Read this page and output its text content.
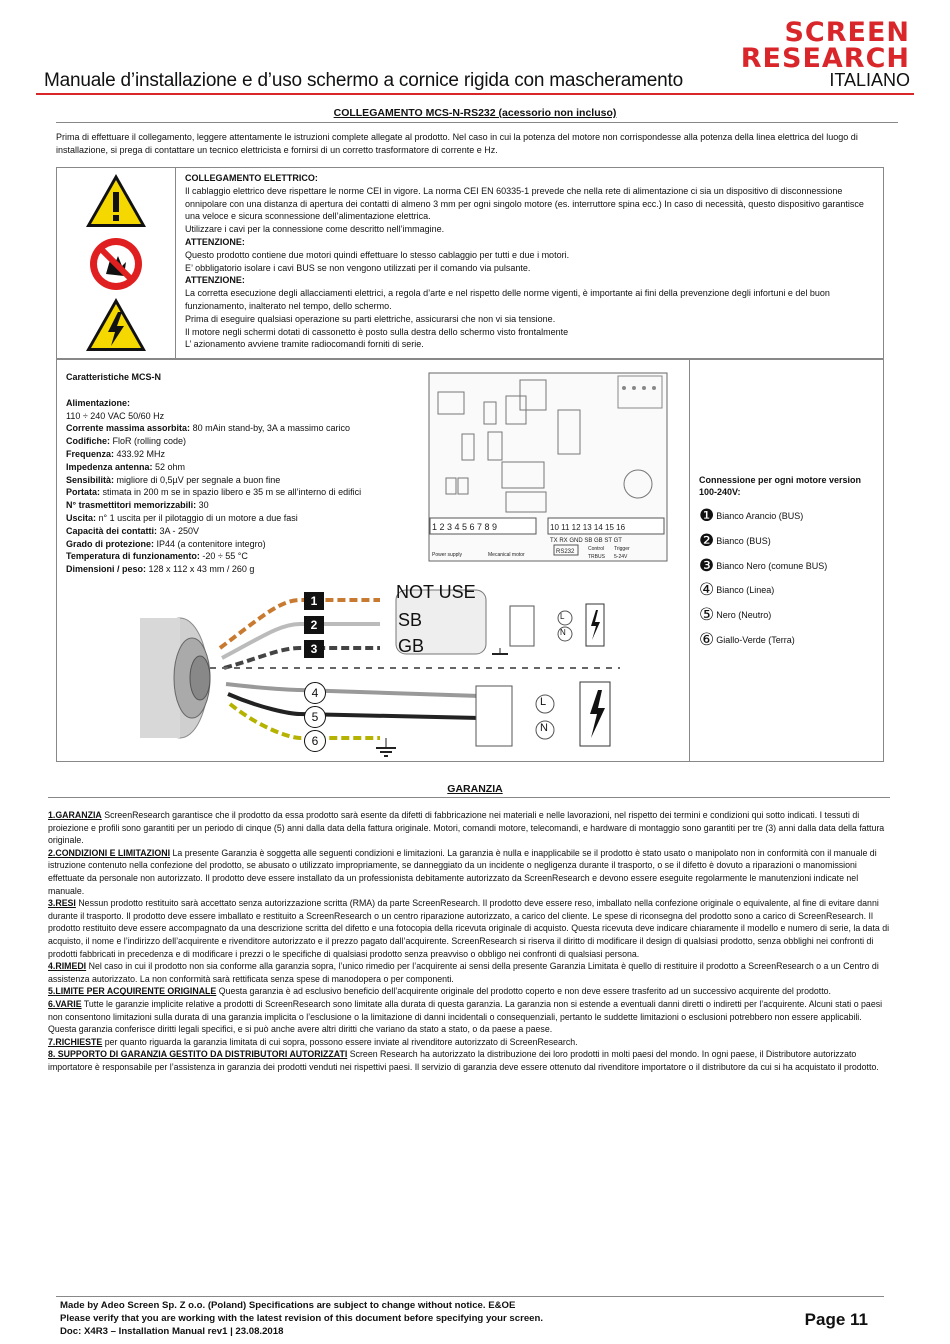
SCREEN
RESEARCH
Manuale d’installazione e d’uso schermo a cornice rigida con mascheramento	ITALIANO
COLLEGAMENTO MCS-N-RS232 (acessorio non incluso)
Prima di effettuare il collegamento, leggere attentamente le istruzioni complete allegate al prodotto. Nel caso in cui la potenza del motore non corrispondesse alla potenza della linea elettrica del luogo di installazione, si prega di contattare un tecnico elettricista e fornirsi di un corretto trasformatore di corrente e Hz.
COLLEGAMENTO ELETTRICO:
Il cablaggio elettrico deve rispettare le norme CEI in vigore. La norma CEI EN 60335-1 prevede che nella rete di alimentazione ci sia un dispositivo di disconnessione onnipolare con una distanza di apertura dei contatti di almeno 3 mm per ogni singolo motore (es. interruttore spina ecc.) In caso di necessità, questo dispositivo garantisce una veloce e sicura sconnessione dell’alimentazione elettrica.
Utilizzare i cavi per la connessione come descritto nell’immagine.
ATTENZIONE:
Questo prodotto contiene due motori quindi effettuare lo stesso cablaggio per tutti e due i motori.
E’ obbligatorio isolare i cavi BUS se non vengono utilizzati per il comando via pulsante.
ATTENZIONE:
La corretta esecuzione degli allacciamenti elettrici, a regola d’arte e nel rispetto delle norme vigenti, è importante ai fini della prevenzione degli infortuni e del buon funzionamento, inalterato nel tempo, dello schermo.
Prima di eseguire qualsiasi operazione su parti elettriche, assicurarsi che non vi sia tensione.
Il motore negli schermi dotati di cassonetto è posto sulla destra dello schermo visto frontalmente
L’ azionamento avviene tramite radiocomandi forniti di serie.
Caratteristiche MCS-N
Alimentazione:
110 ÷ 240 VAC 50/60 Hz
Corrente massima assorbita: 80 mAin stand-by, 3A a massimo carico
Codifiche: FloR (rolling code)
Frequenza: 433.92 MHz
Impedenza antenna: 52 ohm
Sensibilità: migliore di 0,5µV per segnale a buon fine
Portata: stimata in 200 m se in spazio libero e 35 m se all’interno di edifici
N° trasmettitori memorizzabili: 30
Uscita: n° 1 uscita per il pilotaggio di un motore a due fasi
Capacità dei contatti: 3A - 250V
Grado di protezione: IP44 (a contenitore integro)
Temperatura di funzionamento: -20 ÷ 55 °C
Dimensioni / peso: 128 x 112 x 43 mm / 260 g
1 2 3 4 5 6 7 8 9	10 11 12 13 14 15 16
TX RX GND SB GB ST GT
Power supply	Mecanical motor	RS232	Control
TRBUS
Trigger
5-24V
1
2
3
4
5
6
NOT USE
SB
GB
L
N
L
N
Connessione per ogni motore version 100-240V:
❶ Bianco Arancio (BUS)
❷ Bianco (BUS)
❸ Bianco Nero (comune BUS)
④ Bianco (Linea)
⑤ Nero (Neutro)
⑥ Giallo-Verde (Terra)
GARANZIA

1.GARANZIA ScreenResearch garantisce che il prodotto da essa prodotto sarà esente da difetti di fabbricazione nei materiali e nelle lavorazioni, nel rispetto dei termini e condizioni qui sotto indicati. I tessuti di proiezione e profili sono garantiti per un periodo di cinque (5) anni dalla data della fattura originale. Motori, comandi motore, telecomandi, e hardware di montaggio sono garantiti per tre (3) anni dalla data della fattura originale.

2.CONDIZIONI E LIMITAZIONI La presente Garanzia è soggetta alle seguenti condizioni e limitazioni. La garanzia è nulla e inapplicabile se il prodotto è stato usato o manipolato non in conformità con il manuale di istruzione contenuto nella confezione del prodotto, se abusato o utilizzato impropriamente, se danneggiato da un incidente o negligenza durante il trasporto, o se il difetto è dovuto a riparazioni o manomissioni effettuate da personale non autorizzato. Il prodotto deve essere installato da un professionista debitamente autorizzato da ScreenResearch e devono essere eseguite regolarmente le manutenzioni indicate nel manuale.

3.RESI Nessun prodotto restituito sarà accettato senza autorizzazione scritta (RMA) da parte ScreenResearch. Il prodotto deve essere reso, imballato nella confezione originale o equivalente, al fine di evitare danni durante il trasporto. Il prodotto deve essere imballato e restituito a ScreenResearch o un centro riparazione autorizzato, a carico del cliente. Le spese di riconsegna del prodotto sono a carico di ScreenResearch. Il prodotto restituito deve essere accompagnato da una descrizione scritta del difetto e una fotocopia della ricevuta originale di acquisto. Questa ricevuta deve indicare chiaramente il modello e numero di serie, la data di acquisto, il nome e l’indirizzo dell’acquirente e rivenditore autorizzato e il prezzo pagato dall’acquirente. ScreenResearch si riserva il diritto di modificare il design di qualsiasi prodotto, senza obblighi nei confronti di prodotti fabbricati in precedenza e di modificare i prezzi o le specifiche di qualsiasi prodotto senza preavviso o obbligo nei confronti di qualsiasi persona.

4.RIMEDI Nel caso in cui il prodotto non sia conforme alla garanzia sopra, l’unico rimedio per l’acquirente ai sensi della presente Garanzia Limitata è quello di restituire il prodotto a ScreenResearch o a un Centro di assistenza autorizzato. La non conformità sarà rettificata senza spese di manodopera o per componenti.

5.LIMITE PER ACQUIRENTE ORIGINALE Questa garanzia è ad esclusivo beneficio dell’acquirente originale del prodotto coperto e non deve essere trasferito ad un successivo acquirente del prodotto.

6.VARIE Tutte le garanzie implicite relative a prodotti di ScreenResearch sono limitate alla durata di questa garanzia. La garanzia non si estende a eventuali danni diretti o indiretti per l’acquirente. Alcuni stati o paesi non consentono limitazioni sulla durata di una garanzia implicita o l’esclusione o la limitazione di danni incidentali o consequenziali, pertanto le suddette limitazioni o esclusioni potrebbero non essere applicabili. Questa garanzia conferisce diritti legali specifici, e si può anche avere altri diritti che variano da stato a stato, o da paese a paese.

7.RICHIESTE per quanto riguarda la garanzia limitata di cui sopra, possono essere inviate al rivenditore autorizzato di ScreenResearch.

8. SUPPORTO DI GARANZIA GESTITO DA DISTRIBUTORI AUTORIZZATI Screen Research ha autorizzato la distribuzione dei loro prodotti in molti paesi del mondo. In ogni paese, il Distributore autorizzato importatore è responsabile per l’assistenza in garanzia dei prodotti venduti nei rispettivi paesi. Il servizio di garanzia deve essere ottenuto dal rivenditore importatore o il distributore da cui si ha acquistato il prodotto.

Made by Adeo Screen Sp. Z o.o. (Poland) Specifications are subject to change without notice. E&OE
Please verify that you are working with the latest revision of this document before specifying your screen.
Doc: X4R3 – Installation Manual rev1 | 23.08.2018
Page 11
